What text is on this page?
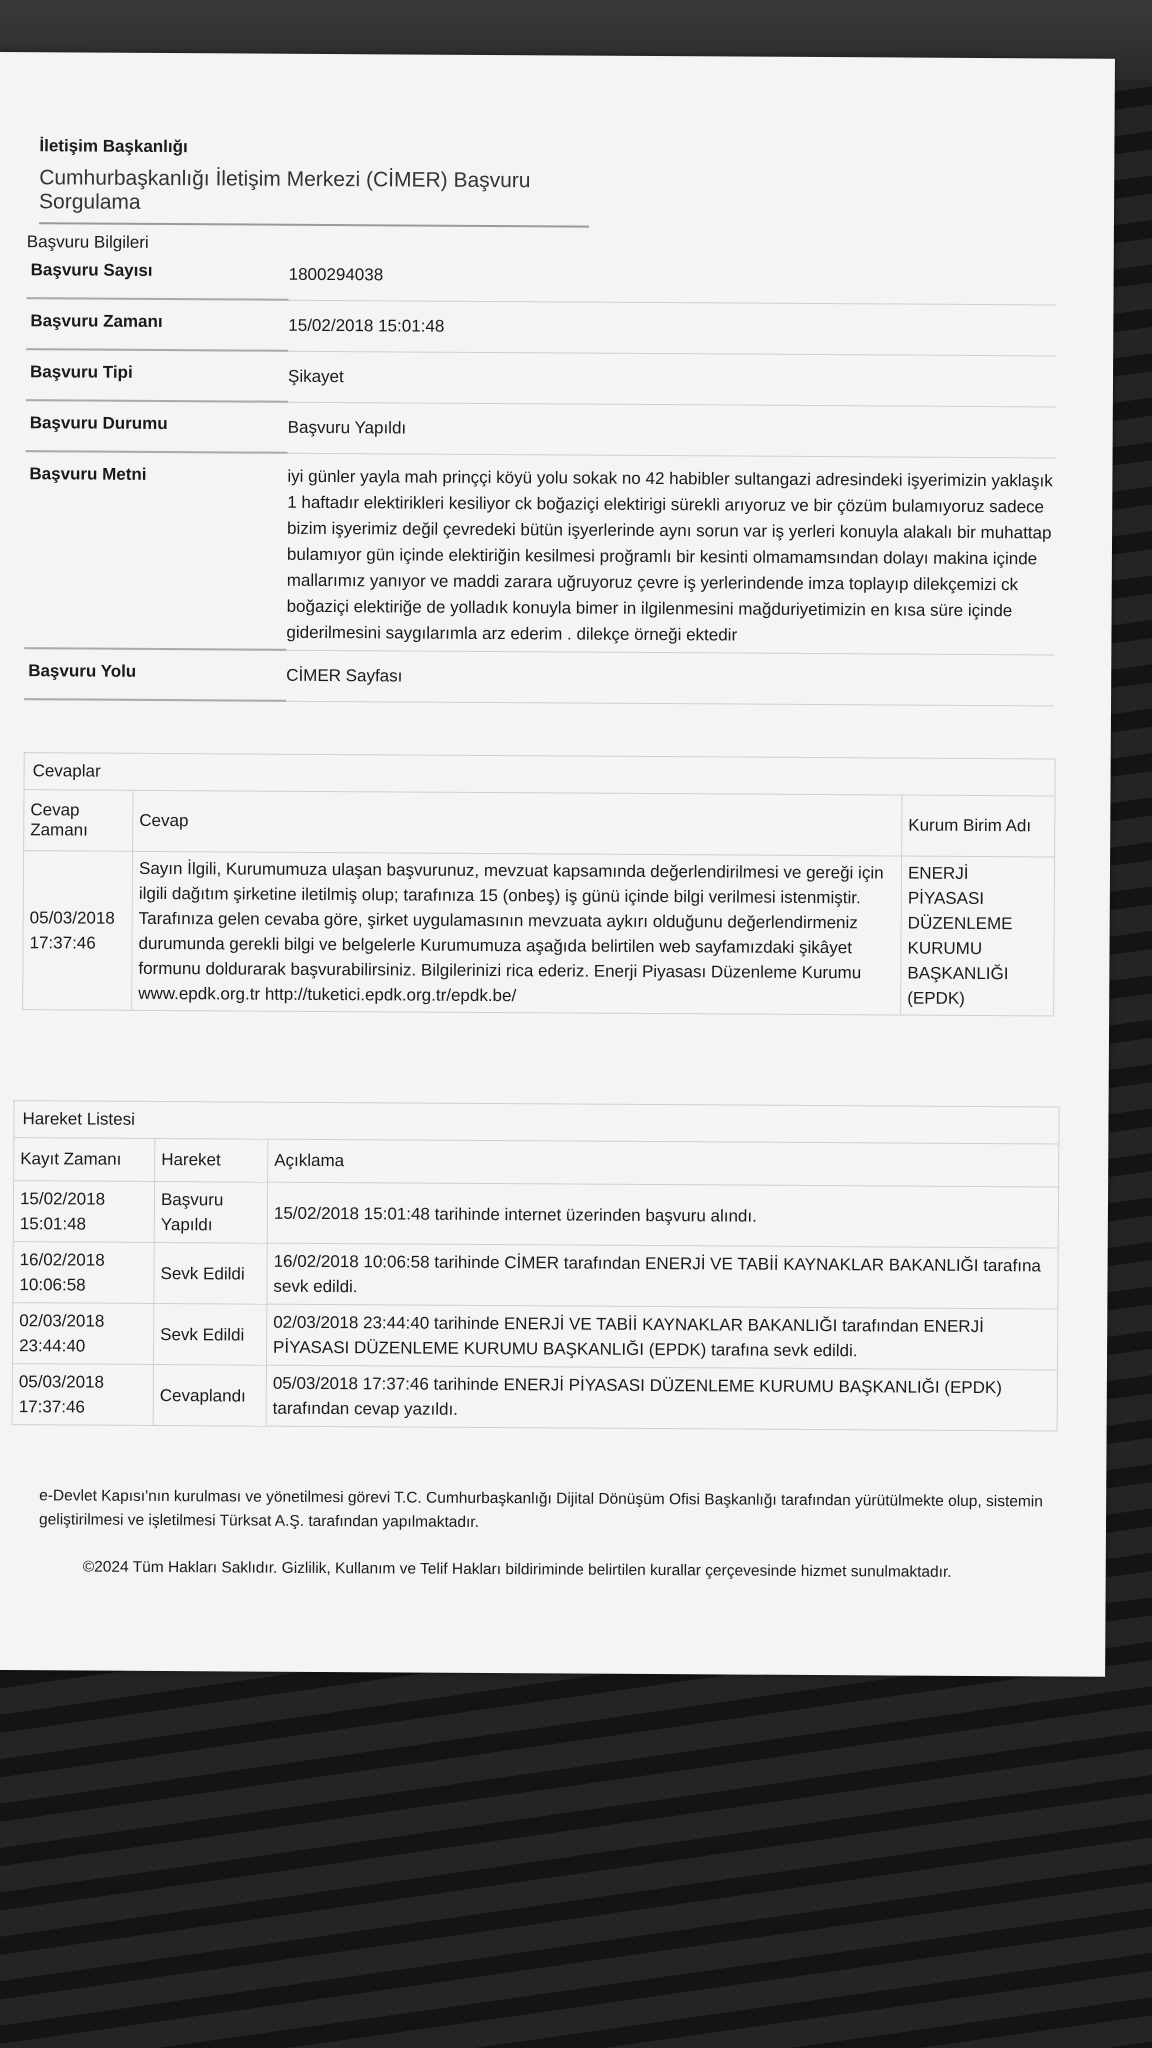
İletişim Başkanlığı
Cumhurbaşkanlığı İletişim Merkezi (CİMER) Başvuru Sorgulama
Başvuru Bilgileri
Başvuru Sayısı	1800294038
Başvuru Zamanı	15/02/2018 15:01:48
Başvuru Tipi	Şikayet
Başvuru Durumu	Başvuru Yapıldı
Başvuru Metni	iyi günler yayla mah prinççi köyü yolu sokak no 42 habibler sultangazi adresindeki işyerimizin yaklaşık 1 haftadır elektirikleri kesiliyor ck boğaziçi elektirigi sürekli arıyoruz ve bir çözüm bulamıyoruz sadece bizim işyerimiz değil çevredeki bütün işyerlerinde aynı sorun var iş yerleri konuyla alakalı bir muhattap bulamıyor gün içinde elektiriğin kesilmesi proğramlı bir kesinti olmamamsından dolayı makina içinde mallarımız yanıyor ve maddi zarara uğruyoruz çevre iş yerlerindende imza toplayıp dilekçemizi ck boğaziçi elektiriğe de yolladık konuyla bimer in ilgilenmesini mağduriyetimizin en kısa süre içinde giderilmesini saygılarımla arz ederim . dilekçe örneği ektedir
Başvuru Yolu	CİMER Sayfası
Cevaplar
Cevap Zamanı	Cevap	Kurum Birim Adı
05/03/2018 17:37:46	Sayın İlgili, Kurumumuza ulaşan başvurunuz, mevzuat kapsamında değerlendirilmesi ve gereği için ilgili dağıtım şirketine iletilmiş olup; tarafınıza 15 (onbeş) iş günü içinde bilgi verilmesi istenmiştir. Tarafınıza gelen cevaba göre, şirket uygulamasının mevzuata aykırı olduğunu değerlendirmeniz durumunda gerekli bilgi ve belgelerle Kurumumuza aşağıda belirtilen web sayfamızdaki şikâyet formunu doldurarak başvurabilirsiniz. Bilgilerinizi rica ederiz. Enerji Piyasası Düzenleme Kurumu www.epdk.org.tr http://tuketici.epdk.org.tr/epdk.be/	ENERJİ PİYASASI DÜZENLEME KURUMU BAŞKANLIĞI (EPDK)
Hareket Listesi
Kayıt Zamanı	Hareket	Açıklama
15/02/2018 15:01:48	Başvuru Yapıldı	15/02/2018 15:01:48 tarihinde internet üzerinden başvuru alındı.
16/02/2018 10:06:58	Sevk Edildi	16/02/2018 10:06:58 tarihinde CİMER tarafından ENERJİ VE TABİİ KAYNAKLAR BAKANLIĞI tarafına sevk edildi.
02/03/2018 23:44:40	Sevk Edildi	02/03/2018 23:44:40 tarihinde ENERJİ VE TABİİ KAYNAKLAR BAKANLIĞI tarafından ENERJİ PİYASASI DÜZENLEME KURUMU BAŞKANLIĞI (EPDK) tarafına sevk edildi.
05/03/2018 17:37:46	Cevaplandı	05/03/2018 17:37:46 tarihinde ENERJİ PİYASASI DÜZENLEME KURUMU BAŞKANLIĞI (EPDK) tarafından cevap yazıldı.
e-Devlet Kapısı'nın kurulması ve yönetilmesi görevi T.C. Cumhurbaşkanlığı Dijital Dönüşüm Ofisi Başkanlığı tarafından yürütülmekte olup, sistemin geliştirilmesi ve işletilmesi Türksat A.Ş. tarafından yapılmaktadır.
©2024 Tüm Hakları Saklıdır. Gizlilik, Kullanım ve Telif Hakları bildiriminde belirtilen kurallar çerçevesinde hizmet sunulmaktadır.
